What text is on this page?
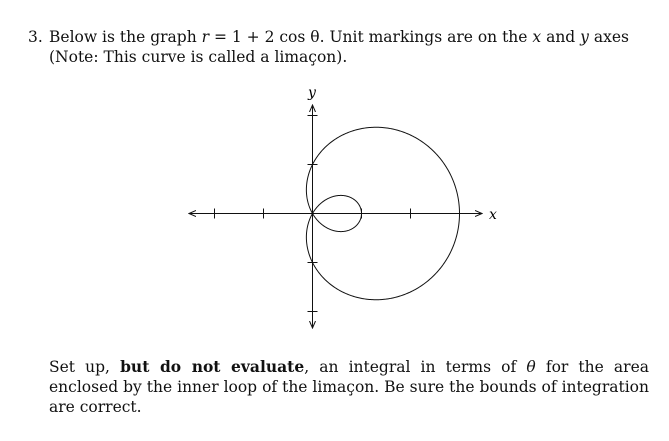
3. Below is the graph r = 1 + 2 cos θ. Unit markings are on the x and y axes (Note: This curve is called a limaçon).
x
y
Set up, but do not evaluate, an integral in terms of θ for the area enclosed by the inner loop of the limaçon. Be sure the bounds of integration are correct.
